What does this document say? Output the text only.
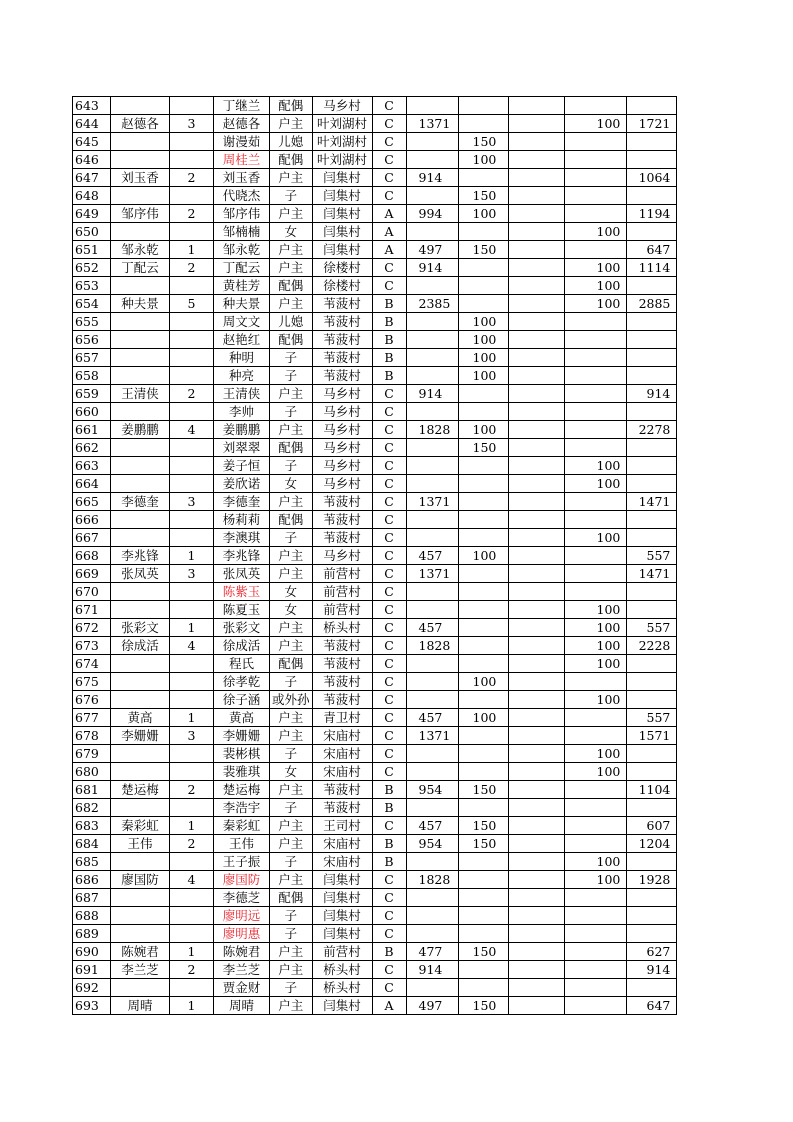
643			丁继兰	配偶	马乡村	C					
644	赵德各	3	赵德各	户主	叶刘湖村	C	1371			100	1721
645			谢漫茹	儿媳	叶刘湖村	C		150			
646			周桂兰	配偶	叶刘湖村	C		100			
647	刘玉香	2	刘玉香	户主	闫集村	C	914				1064
648			代晓杰	子	闫集村	C		150			
649	邹序伟	2	邹序伟	户主	闫集村	A	994	100			1194
650			邹楠楠	女	闫集村	A				100	
651	邹永乾	1	邹永乾	户主	闫集村	A	497	150			647
652	丁配云	2	丁配云	户主	徐楼村	C	914			100	1114
653			黄桂芳	配偶	徐楼村	C				100	
654	种夫景	5	种夫景	户主	苇菠村	B	2385			100	2885
655			周文文	儿媳	苇菠村	B		100			
656			赵艳红	配偶	苇菠村	B		100			
657			种明	子	苇菠村	B		100			
658			种亮	子	苇菠村	B		100			
659	王清侠	2	王清侠	户主	马乡村	C	914				914
660			李帅	子	马乡村	C					
661	姜鹏鹏	4	姜鹏鹏	户主	马乡村	C	1828	100			2278
662			刘翠翠	配偶	马乡村	C		150			
663			姜子恒	子	马乡村	C				100	
664			姜欣诺	女	马乡村	C				100	
665	李德奎	3	李德奎	户主	苇菠村	C	1371				1471
666			杨莉莉	配偶	苇菠村	C					
667			李澳琪	子	苇菠村	C				100	
668	李兆锋	1	李兆锋	户主	马乡村	C	457	100			557
669	张凤英	3	张凤英	户主	前营村	C	1371				1471
670			陈紫玉	女	前营村	C					
671			陈夏玉	女	前营村	C				100	
672	张彩文	1	张彩文	户主	桥头村	C	457			100	557
673	徐成活	4	徐成活	户主	苇菠村	C	1828			100	2228
674			程氏	配偶	苇菠村	C				100	
675			徐孝乾	子	苇菠村	C		100			
676			徐子涵	或外孙	苇菠村	C				100	
677	黄高	1	黄高	户主	青卫村	C	457	100			557
678	李姗姗	3	李姗姗	户主	宋庙村	C	1371				1571
679			裴彬棋	子	宋庙村	C				100	
680			裴雅琪	女	宋庙村	C				100	
681	楚运梅	2	楚运梅	户主	苇菠村	B	954	150			1104
682			李浩宇	子	苇菠村	B					
683	秦彩虹	1	秦彩虹	户主	王司村	C	457	150			607
684	王伟	2	王伟	户主	宋庙村	B	954	150			1204
685			王子振	子	宋庙村	B				100	
686	廖国防	4	廖国防	户主	闫集村	C	1828			100	1928
687			李德芝	配偶	闫集村	C					
688			廖明远	子	闫集村	C					
689			廖明惠	子	闫集村	C					
690	陈婉君	1	陈婉君	户主	前营村	B	477	150			627
691	李兰芝	2	李兰芝	户主	桥头村	C	914				914
692			贾金财	子	桥头村	C					
693	周晴	1	周晴	户主	闫集村	A	497	150			647
